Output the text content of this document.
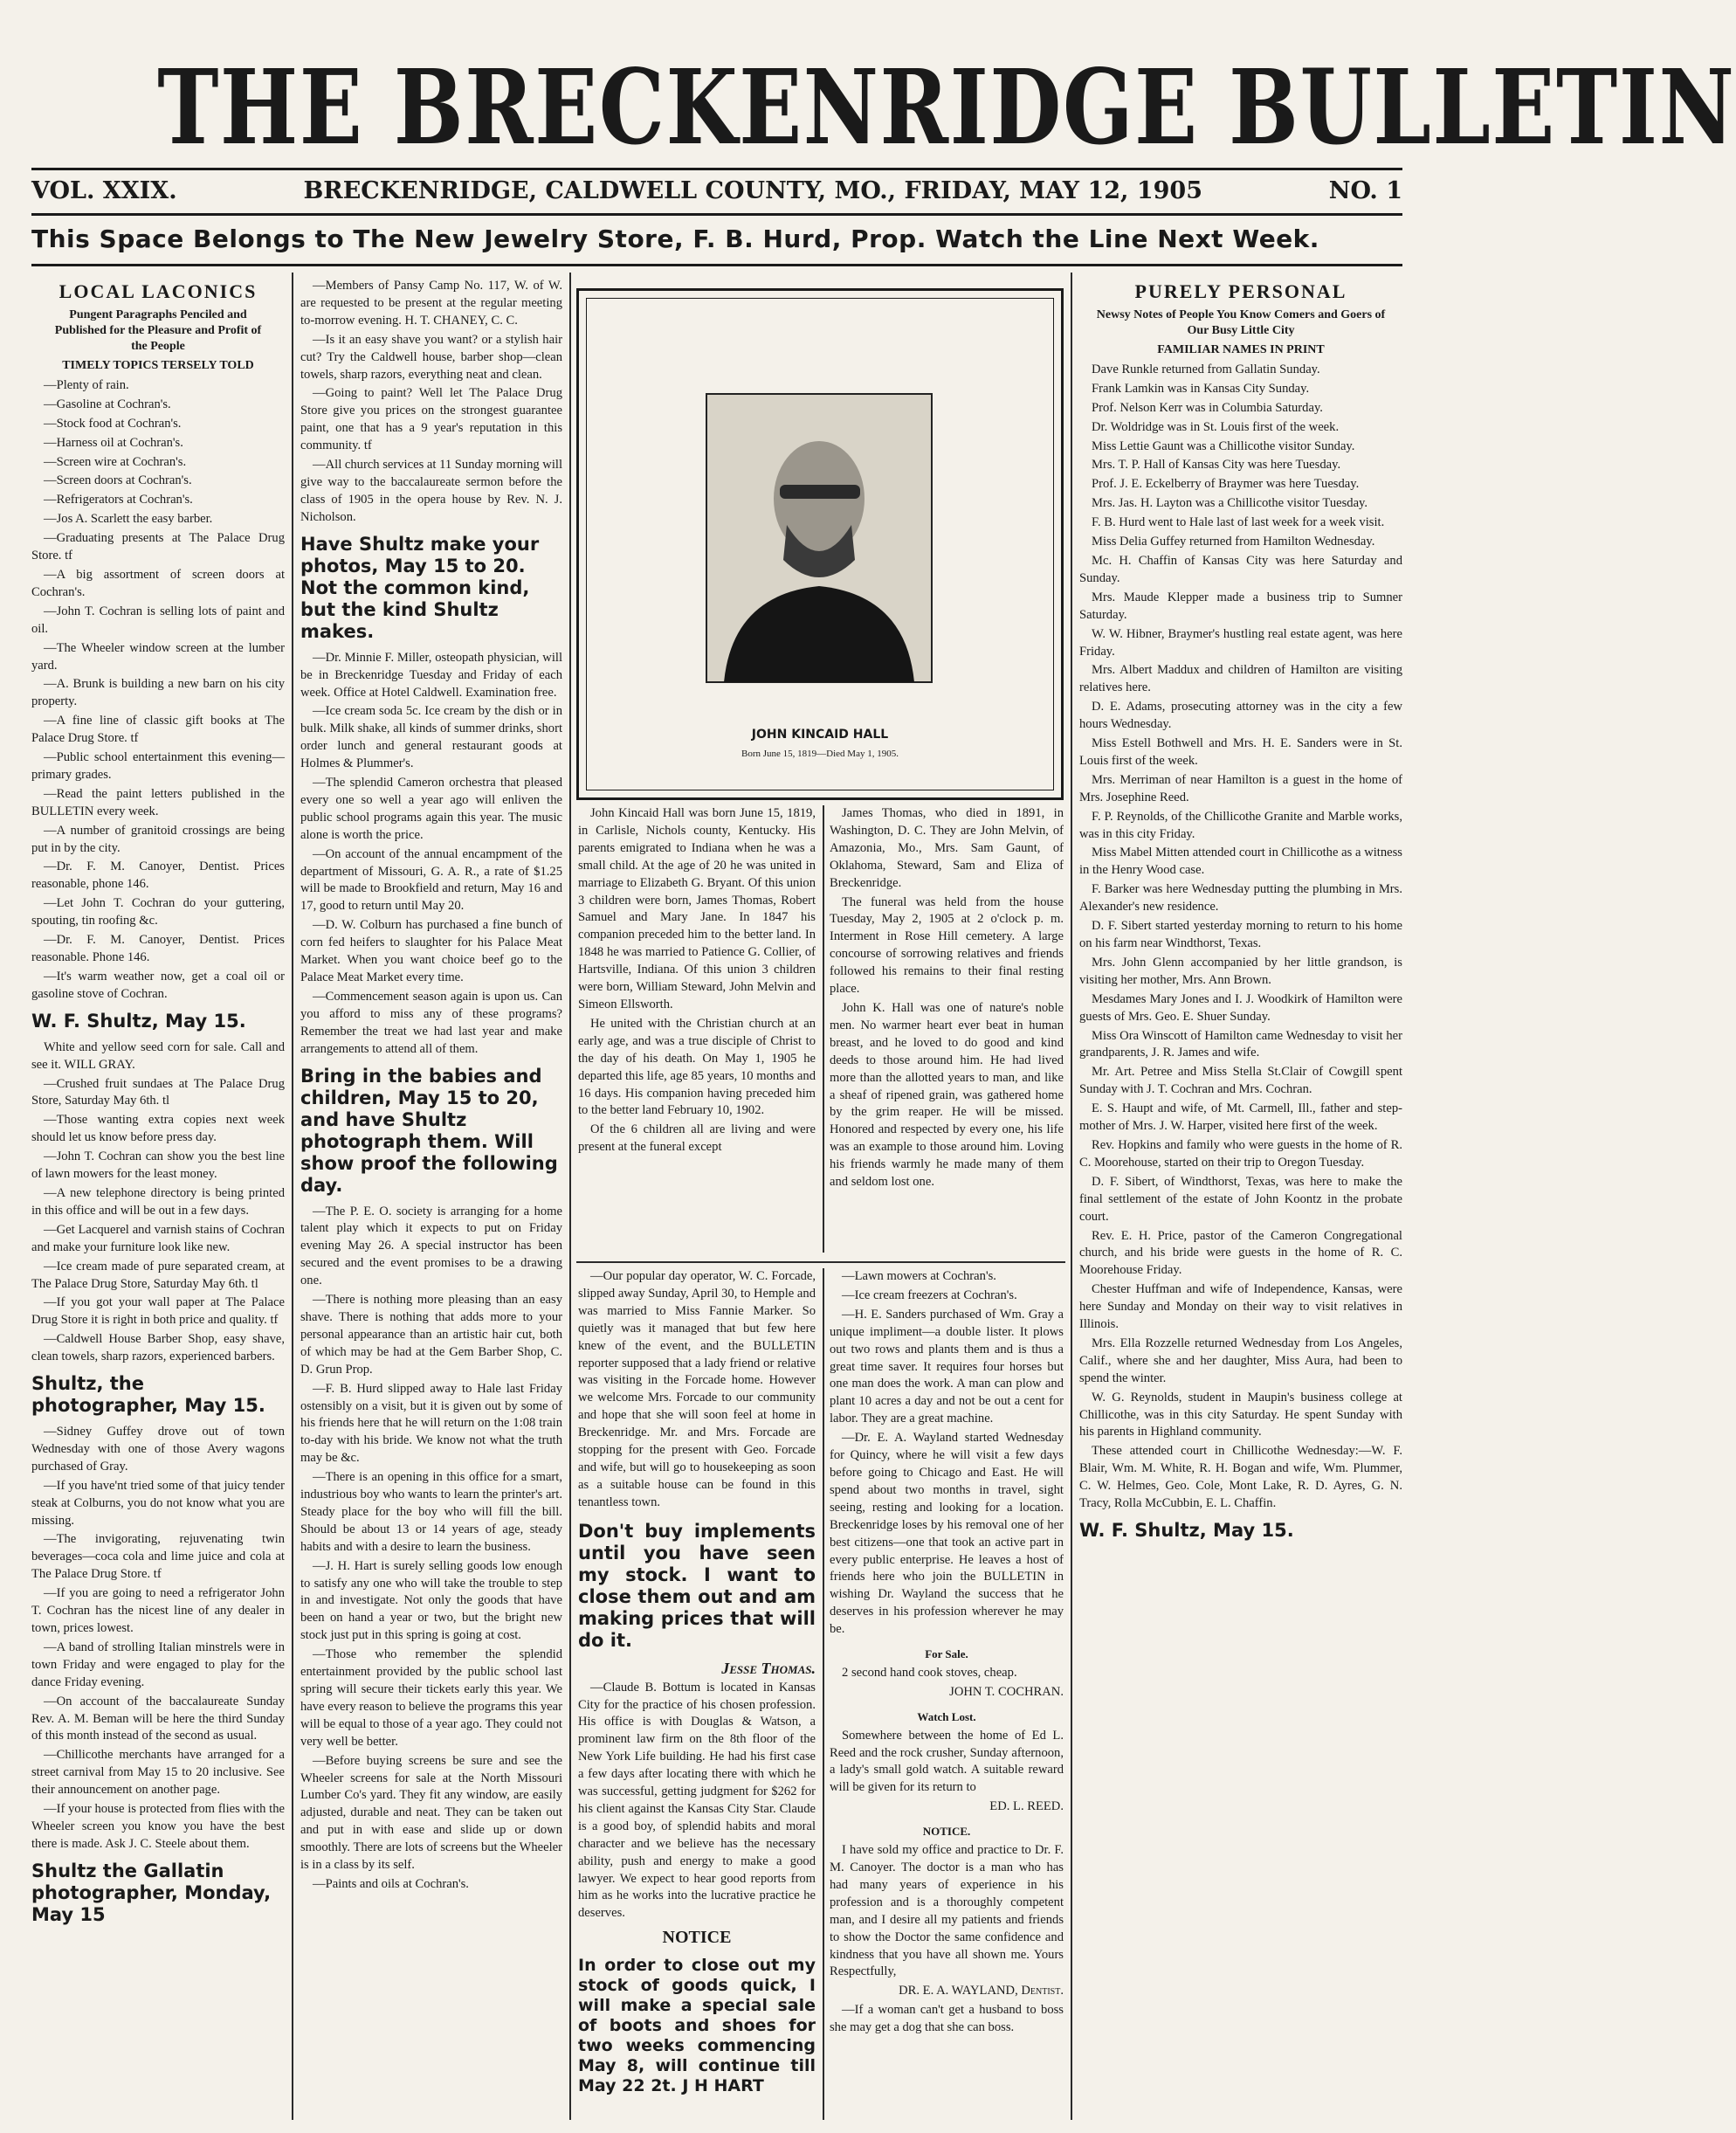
THE BRECKENRIDGE BULLETIN
VOL. XXIX.	BRECKENRIDGE, CALDWELL COUNTY, MO., FRIDAY, MAY 12, 1905	NO. 1
This Space Belongs to The New Jewelry Store, F. B. Hurd, Prop. Watch the Line Next Week.

LOCAL LACONICS

Pungent Paragraphs Penciled and Published for the Pleasure and Profit of the People

TIMELY TOPICS TERSELY TOLD

—Plenty of rain.

—Gasoline at Cochran's.

—Stock food at Cochran's.

—Harness oil at Cochran's.

—Screen wire at Cochran's.

—Screen doors at Cochran's.

—Refrigerators at Cochran's.

—Jos A. Scarlett the easy barber.

—Graduating presents at The Palace Drug Store. tf

—A big assortment of screen doors at Cochran's.

—John T. Cochran is selling lots of paint and oil.

—The Wheeler window screen at the lumber yard.

—A. Brunk is building a new barn on his city property.

—A fine line of classic gift books at The Palace Drug Store. tf

—Public school entertainment this evening—primary grades.

—Read the paint letters published in the BULLETIN every week.

—A number of granitoid crossings are being put in by the city.

—Dr. F. M. Canoyer, Dentist. Prices reasonable, phone 146.

—Let John T. Cochran do your guttering, spouting, tin roofing &c.

—Dr. F. M. Canoyer, Dentist. Prices reasonable. Phone 146.

—It's warm weather now, get a coal oil or gasoline stove of Cochran.

W. F. Shultz, May 15.

White and yellow seed corn for sale. Call and see it. WILL GRAY.

—Crushed fruit sundaes at The Palace Drug Store, Saturday May 6th. tl

—Those wanting extra copies next week should let us know before press day.

—John T. Cochran can show you the best line of lawn mowers for the least money.

—A new telephone directory is being printed in this office and will be out in a few days.

—Get Lacquerel and varnish stains of Cochran and make your furniture look like new.

—Ice cream made of pure separated cream, at The Palace Drug Store, Saturday May 6th. tl

—If you got your wall paper at The Palace Drug Store it is right in both price and quality. tf

—Caldwell House Barber Shop, easy shave, clean towels, sharp razors, experienced barbers.

Shultz, the photographer, May 15.

—Sidney Guffey drove out of town Wednesday with one of those Avery wagons purchased of Gray.

—If you have'nt tried some of that juicy tender steak at Colburns, you do not know what you are missing.

—The invigorating, rejuvenating twin beverages—coca cola and lime juice and cola at The Palace Drug Store. tf

—If you are going to need a refrigerator John T. Cochran has the nicest line of any dealer in town, prices lowest.

—A band of strolling Italian minstrels were in town Friday and were engaged to play for the dance Friday evening.

—On account of the baccalaureate Sunday Rev. A. M. Beman will be here the third Sunday of this month instead of the second as usual.

—Chillicothe merchants have arranged for a street carnival from May 15 to 20 inclusive. See their announcement on another page.

—If your house is protected from flies with the Wheeler screen you know you have the best there is made. Ask J. C. Steele about them.

Shultz the Gallatin photographer, Monday, May 15

—Members of Pansy Camp No. 117, W. of W. are requested to be present at the regular meeting to-morrow evening. H. T. CHANEY, C. C.

—Is it an easy shave you want? or a stylish hair cut? Try the Caldwell house, barber shop—clean towels, sharp razors, everything neat and clean.

—Going to paint? Well let The Palace Drug Store give you prices on the strongest guarantee paint, one that has a 9 year's reputation in this community. tf

—All church services at 11 Sunday morning will give way to the baccalaureate sermon before the class of 1905 in the opera house by Rev. N. J. Nicholson.

Have Shultz make your photos, May 15 to 20. Not the common kind, but the kind Shultz makes.

—Dr. Minnie F. Miller, osteopath physician, will be in Breckenridge Tuesday and Friday of each week. Office at Hotel Caldwell. Examination free.

—Ice cream soda 5c. Ice cream by the dish or in bulk. Milk shake, all kinds of summer drinks, short order lunch and general restaurant goods at Holmes & Plummer's.

—The splendid Cameron orchestra that pleased every one so well a year ago will enliven the public school programs again this year. The music alone is worth the price.

—On account of the annual encampment of the department of Missouri, G. A. R., a rate of $1.25 will be made to Brookfield and return, May 16 and 17, good to return until May 20.

—D. W. Colburn has purchased a fine bunch of corn fed heifers to slaughter for his Palace Meat Market. When you want choice beef go to the Palace Meat Market every time.

—Commencement season again is upon us. Can you afford to miss any of these programs? Remember the treat we had last year and make arrangements to attend all of them.

Bring in the babies and children, May 15 to 20, and have Shultz photograph them. Will show proof the following day.

—The P. E. O. society is arranging for a home talent play which it expects to put on Friday evening May 26. A special instructor has been secured and the event promises to be a drawing one.

—There is nothing more pleasing than an easy shave. There is nothing that adds more to your personal appearance than an artistic hair cut, both of which may be had at the Gem Barber Shop, C. D. Grun Prop.

—F. B. Hurd slipped away to Hale last Friday ostensibly on a visit, but it is given out by some of his friends here that he will return on the 1:08 train to-day with his bride. We know not what the truth may be &c.

—There is an opening in this office for a smart, industrious boy who wants to learn the printer's art. Steady place for the boy who will fill the bill. Should be about 13 or 14 years of age, steady habits and with a desire to learn the business.

—J. H. Hart is surely selling goods low enough to satisfy any one who will take the trouble to step in and investigate. Not only the goods that have been on hand a year or two, but the bright new stock just put in this spring is going at cost.

—Those who remember the splendid entertainment provided by the public school last spring will secure their tickets early this year. We have every reason to believe the programs this year will be equal to those of a year ago. They could not very well be better.

—Before buying screens be sure and see the Wheeler screens for sale at the North Missouri Lumber Co's yard. They fit any window, are easily adjusted, durable and neat. They can be taken out and put in with ease and slide up or down smoothly. There are lots of screens but the Wheeler is in a class by its self.

—Paints and oils at Cochran's.

JOHN KINCAID HALL
Born June 15, 1819—Died May 1, 1905.

John Kincaid Hall was born June 15, 1819, in Carlisle, Nichols county, Kentucky. His parents emigrated to Indiana when he was a small child. At the age of 20 he was united in marriage to Elizabeth G. Bryant. Of this union 3 children were born, James Thomas, Robert Samuel and Mary Jane. In 1847 his companion preceded him to the better land. In 1848 he was married to Patience G. Collier, of Hartsville, Indiana. Of this union 3 children were born, William Steward, John Melvin and Simeon Ellsworth.

He united with the Christian church at an early age, and was a true disciple of Christ to the day of his death. On May 1, 1905 he departed this life, age 85 years, 10 months and 16 days. His companion having preceded him to the better land February 10, 1902.

Of the 6 children all are living and were present at the funeral except

James Thomas, who died in 1891, in Washington, D. C. They are John Melvin, of Amazonia, Mo., Mrs. Sam Gaunt, of Oklahoma, Steward, Sam and Eliza of Breckenridge.

The funeral was held from the house Tuesday, May 2, 1905 at 2 o'clock p. m. Interment in Rose Hill cemetery. A large concourse of sorrowing relatives and friends followed his remains to their final resting place.

John K. Hall was one of nature's noble men. No warmer heart ever beat in human breast, and he loved to do good and kind deeds to those around him. He had lived more than the allotted years to man, and like a sheaf of ripened grain, was gathered home by the grim reaper. He will be missed. Honored and respected by every one, his life was an example to those around him. Loving his friends warmly he made many of them and seldom lost one.

—Our popular day operator, W. C. Forcade, slipped away Sunday, April 30, to Hemple and was married to Miss Fannie Marker. So quietly was it managed that but few here knew of the event, and the BULLETIN reporter supposed that a lady friend or relative was visiting in the Forcade home. However we welcome Mrs. Forcade to our community and hope that she will soon feel at home in Breckenridge. Mr. and Mrs. Forcade are stopping for the present with Geo. Forcade and wife, but will go to housekeeping as soon as a suitable house can be found in this tenantless town.

Don't buy implements until you have seen my stock. I want to close them out and am making prices that will do it.

Jesse Thomas.

—Claude B. Bottum is located in Kansas City for the practice of his chosen profession. His office is with Douglas & Watson, a prominent law firm on the 8th floor of the New York Life building. He had his first case a few days after locating there with which he was successful, getting judgment for $262 for his client against the Kansas City Star. Claude is a good boy, of splendid habits and moral character and we believe has the necessary ability, push and energy to make a good lawyer. We expect to hear good reports from him as he works into the lucrative practice he deserves.

NOTICE

In order to close out my stock of goods quick, I will make a special sale of boots and shoes for two weeks commencing May 8, will continue till May 22 2t. J H HART

—Lawn mowers at Cochran's.

—Ice cream freezers at Cochran's.

—H. E. Sanders purchased of Wm. Gray a unique impliment—a double lister. It plows out two rows and plants them and is thus a great time saver. It requires four horses but one man does the work. A man can plow and plant 10 acres a day and not be out a cent for labor. They are a great machine.

—Dr. E. A. Wayland started Wednesday for Quincy, where he will visit a few days before going to Chicago and East. He will spend about two months in travel, sight seeing, resting and looking for a location. Breckenridge loses by his removal one of her best citizens—one that took an active part in every public enterprise. He leaves a host of friends here who join the BULLETIN in wishing Dr. Wayland the success that he deserves in his profession wherever he may be.

For Sale.

2 second hand cook stoves, cheap.

JOHN T. COCHRAN.

Watch Lost.

Somewhere between the home of Ed L. Reed and the rock crusher, Sunday afternoon, a lady's small gold watch. A suitable reward will be given for its return to

ED. L. REED.

NOTICE.

I have sold my office and practice to Dr. F. M. Canoyer. The doctor is a man who has had many years of experience in his profession and is a thoroughly competent man, and I desire all my patients and friends to show the Doctor the same confidence and kindness that you have all shown me. Yours Respectfully,

DR. E. A. WAYLAND, Dentist.

—If a woman can't get a husband to boss she may get a dog that she can boss.

PURELY PERSONAL

Newsy Notes of People You Know Comers and Goers of Our Busy Little City

FAMILIAR NAMES IN PRINT

Dave Runkle returned from Gallatin Sunday.

Frank Lamkin was in Kansas City Sunday.

Prof. Nelson Kerr was in Columbia Saturday.

Dr. Woldridge was in St. Louis first of the week.

Miss Lettie Gaunt was a Chillicothe visitor Sunday.

Mrs. T. P. Hall of Kansas City was here Tuesday.

Prof. J. E. Eckelberry of Braymer was here Tuesday.

Mrs. Jas. H. Layton was a Chillicothe visitor Tuesday.

F. B. Hurd went to Hale last of last week for a week visit.

Miss Delia Guffey returned from Hamilton Wednesday.

Mc. H. Chaffin of Kansas City was here Saturday and Sunday.

Mrs. Maude Klepper made a business trip to Sumner Saturday.

W. W. Hibner, Braymer's hustling real estate agent, was here Friday.

Mrs. Albert Maddux and children of Hamilton are visiting relatives here.

D. E. Adams, prosecuting attorney was in the city a few hours Wednesday.

Miss Estell Bothwell and Mrs. H. E. Sanders were in St. Louis first of the week.

Mrs. Merriman of near Hamilton is a guest in the home of Mrs. Josephine Reed.

F. P. Reynolds, of the Chillicothe Granite and Marble works, was in this city Friday.

Miss Mabel Mitten attended court in Chillicothe as a witness in the Henry Wood case.

F. Barker was here Wednesday putting the plumbing in Mrs. Alexander's new residence.

D. F. Sibert started yesterday morning to return to his home on his farm near Windthorst, Texas.

Mrs. John Glenn accompanied by her little grandson, is visiting her mother, Mrs. Ann Brown.

Mesdames Mary Jones and I. J. Woodkirk of Hamilton were guests of Mrs. Geo. E. Shuer Sunday.

Miss Ora Winscott of Hamilton came Wednesday to visit her grandparents, J. R. James and wife.

Mr. Art. Petree and Miss Stella St.Clair of Cowgill spent Sunday with J. T. Cochran and Mrs. Cochran.

E. S. Haupt and wife, of Mt. Carmell, Ill., father and step-mother of Mrs. J. W. Harper, visited here first of the week.

Rev. Hopkins and family who were guests in the home of R. C. Moorehouse, started on their trip to Oregon Tuesday.

D. F. Sibert, of Windthorst, Texas, was here to make the final settlement of the estate of John Koontz in the probate court.

Rev. E. H. Price, pastor of the Cameron Congregational church, and his bride were guests in the home of R. C. Moorehouse Friday.

Chester Huffman and wife of Independence, Kansas, were here Sunday and Monday on their way to visit relatives in Illinois.

Mrs. Ella Rozzelle returned Wednesday from Los Angeles, Calif., where she and her daughter, Miss Aura, had been to spend the winter.

W. G. Reynolds, student in Maupin's business college at Chillicothe, was in this city Saturday. He spent Sunday with his parents in Highland community.

These attended court in Chillicothe Wednesday:—W. F. Blair, Wm. M. White, R. H. Bogan and wife, Wm. Plummer, C. W. Helmes, Geo. Cole, Mont Lake, R. D. Ayres, G. N. Tracy, Rolla McCubbin, E. L. Chaffin.

W. F. Shultz, May 15.
